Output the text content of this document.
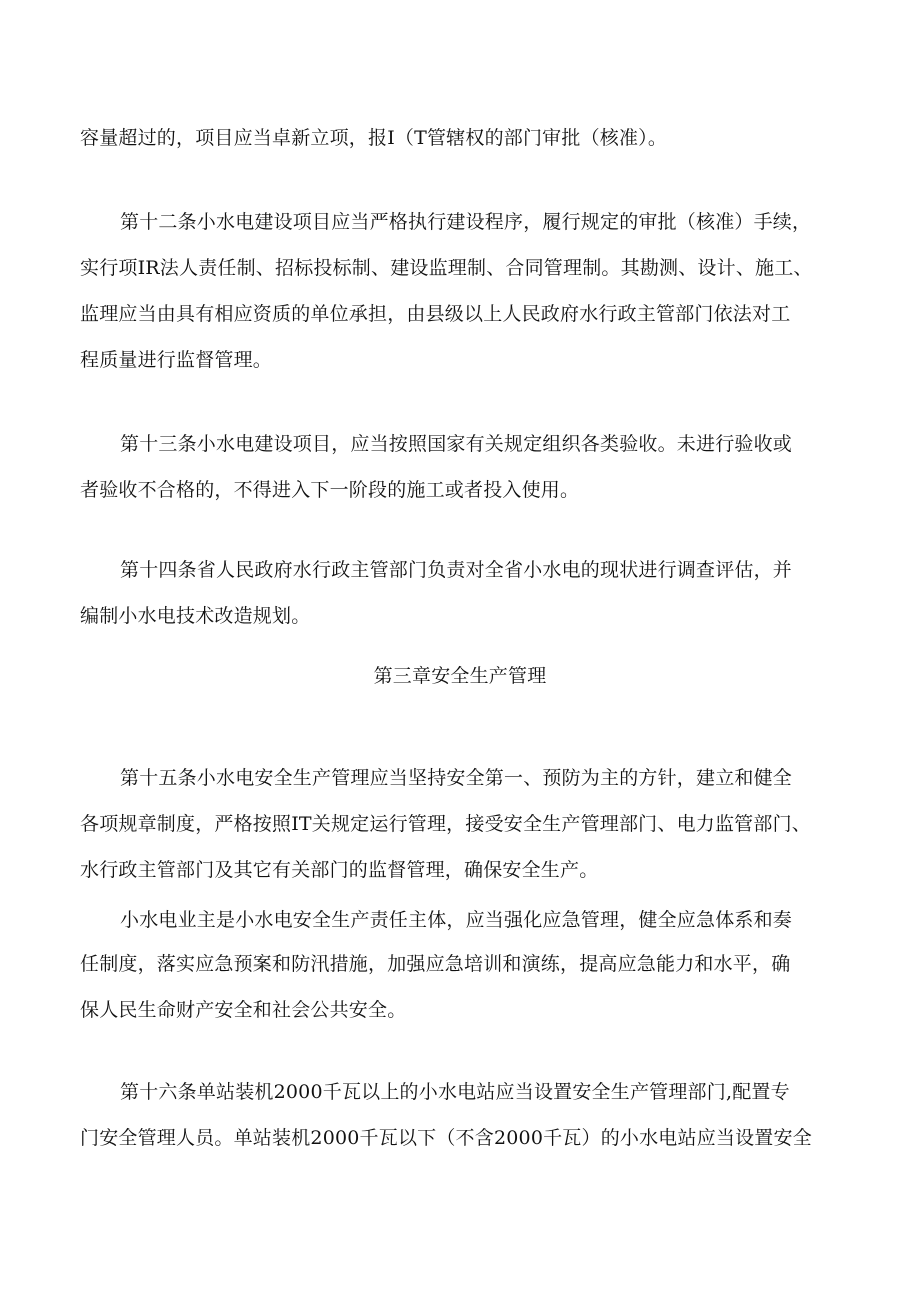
容量超过的，项目应当卓新立项，报I（T管辖权的部门审批（核准）。
第十二条小水电建设项目应当严格执行建设程序，履行规定的审批（核准）手续，
实行项IR法人责任制、招标投标制、建设监理制、合同管理制。其勘测、设计、施工、
监理应当由具有相应资质的单位承担，由县级以上人民政府水行政主管部门依法对工
程质量进行监督管理。
第十三条小水电建设项目，应当按照国家有关规定组织各类验收。未进行验收或
者验收不合格的，不得进入下一阶段的施工或者投入使用。
第十四条省人民政府水行政主管部门负责对全省小水电的现状进行调查评估，并
编制小水电技术改造规划。
第三章安全生产管理
第十五条小水电安全生产管理应当坚持安全第一、预防为主的方针，建立和健全
各项规章制度，严格按照IT关规定运行管理，接受安全生产管理部门、电力监管部门、
水行政主管部门及其它有关部门的监督管理，确保安全生产。
小水电业主是小水电安全生产责任主体，应当强化应急管理，健全应急体系和奏
任制度，落实应急预案和防汛措施，加强应急培训和演练，提高应急能力和水平，确
保人民生命财产安全和社会公共安全。
第十六条单站装机2000千瓦以上的小水电站应当设置安全生产管理部门,配置专
门安全管理人员。单站装机2000千瓦以下（不含2000千瓦）的小水电站应当设置安全
